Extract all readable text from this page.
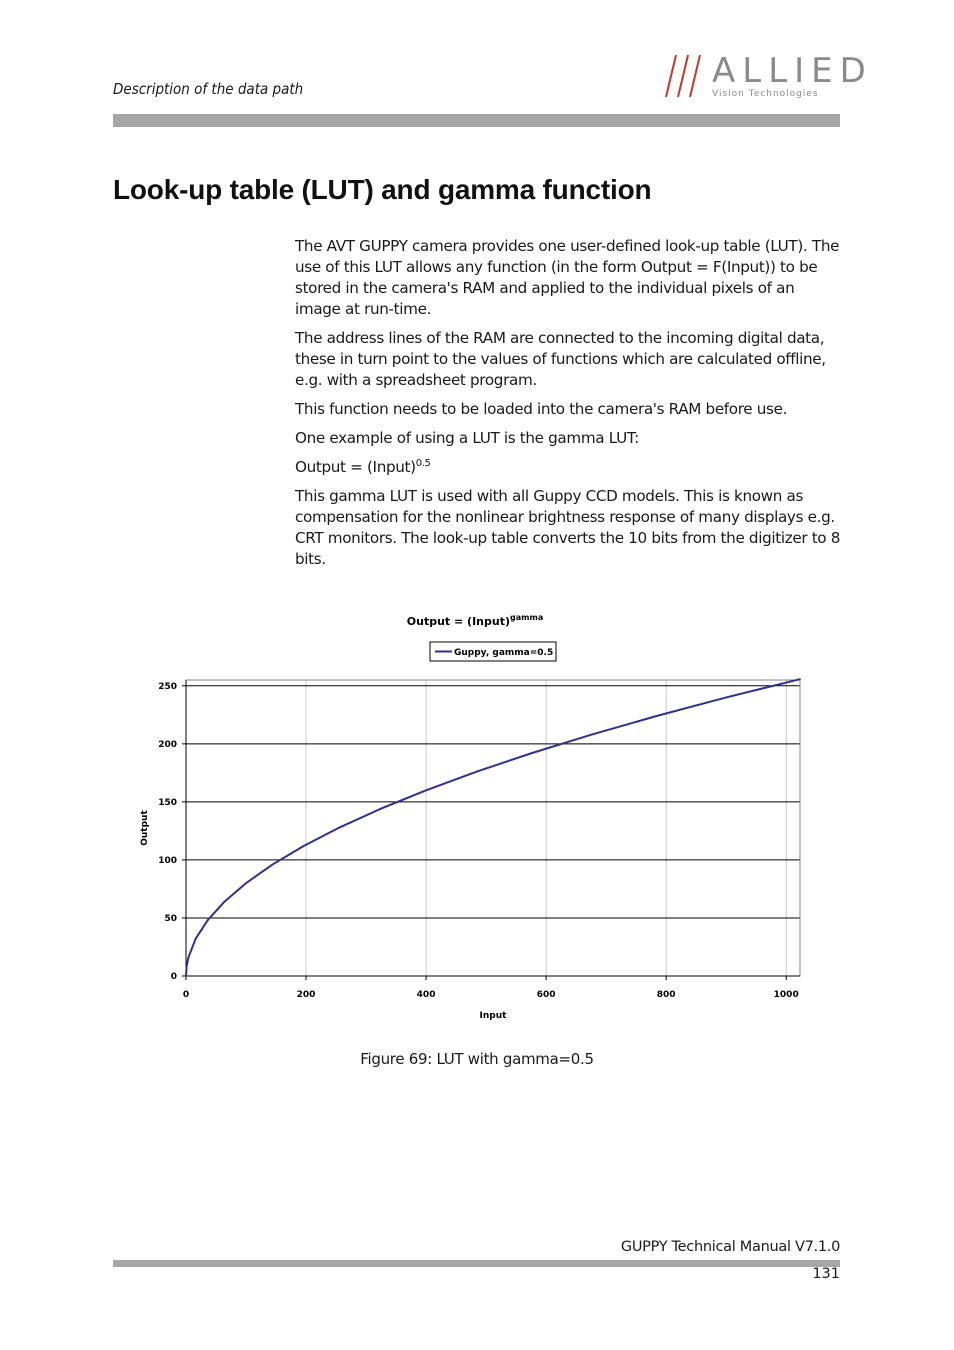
Description of the data path	ALLIED
Vision Technologies
Look-up table (LUT) and gamma function

The AVT GUPPY camera provides one user-defined look-up table (LUT). The use of this LUT allows any function (in the form Output = F(Input)) to be stored in the camera's RAM and applied to the individual pixels of an image at run-time.

The address lines of the RAM are connected to the incoming digital data, these in turn point to the values of functions which are calculated offline, e.g. with a spreadsheet program.

This function needs to be loaded into the camera's RAM before use.

One example of using a LUT is the gamma LUT:

Output = (Input)$^{0.5}$

This gamma LUT is used with all Guppy CCD models. This is known as compensation for the nonlinear brightness response of many displays e.g. CRT monitors. The look-up table converts the 10 bits from the digitizer to 8 bits.

Output = (Input)$^{gamma}$
Guppy, gamma=0.5
0	200	400	600	800	1000
0
50
100
150
200
250
Input
Output
Figure 69: LUT with gamma=0.5
GUPPY Technical Manual V7.1.0
131
